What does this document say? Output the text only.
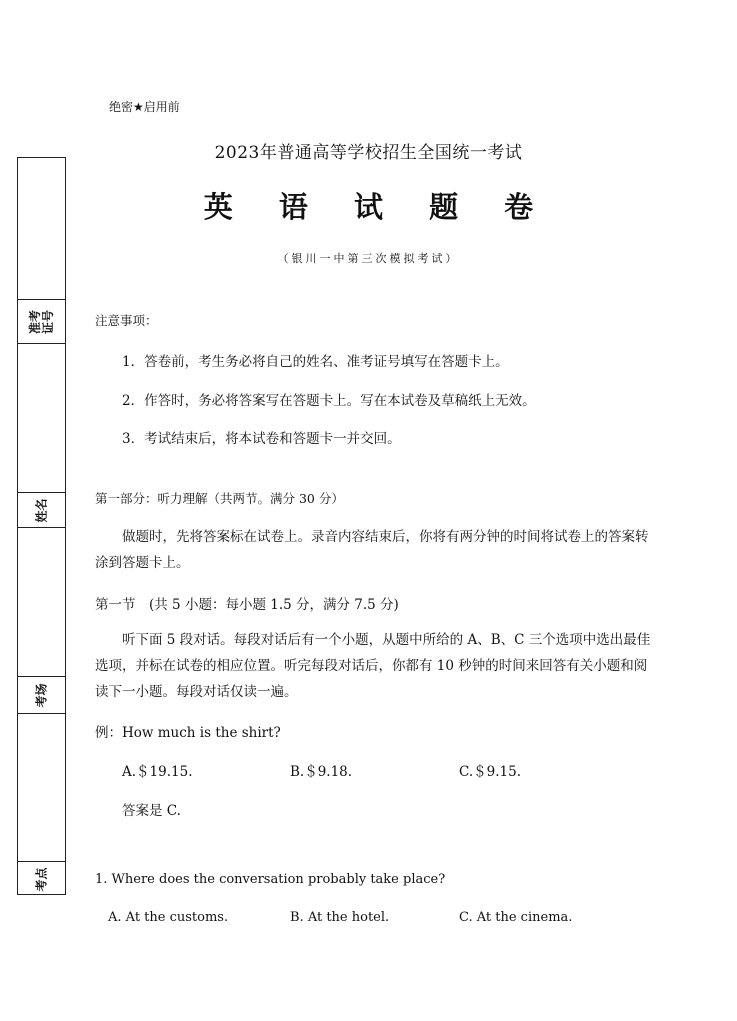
准考证号
姓名
考场
考点
绝密★启用前
2023年普通高等学校招生全国统一考试
英 语 试 题 卷
（银川一中第三次模拟考试）
注意事项：
1．答卷前，考生务必将自己的姓名、准考证号填写在答题卡上。
2．作答时，务必将答案写在答题卡上。写在本试卷及草稿纸上无效。
3．考试结束后，将本试卷和答题卡一并交回。
第一部分：听力理解（共两节。满分 30 分）
做题时，先将答案标在试卷上。录音内容结束后，你将有两分钟的时间将试卷上的答案转涂到答题卡上。
第一节　(共 5 小题：每小题 1.5 分，满分 7.5 分)
听下面 5 段对话。每段对话后有一个小题，从题中所给的 A、B、C 三个选项中选出最佳选项，并标在试卷的相应位置。听完每段对话后，你都有 10 秒钟的时间来回答有关小题和阅读下一小题。每段对话仅读一遍。
例：How much is the shirt?
A.＄19.15.	B.＄9.18.	C.＄9.15.
答案是 C.
1. Where does the conversation probably take place?
A. At the customs.	B. At the hotel.	C. At the cinema.
